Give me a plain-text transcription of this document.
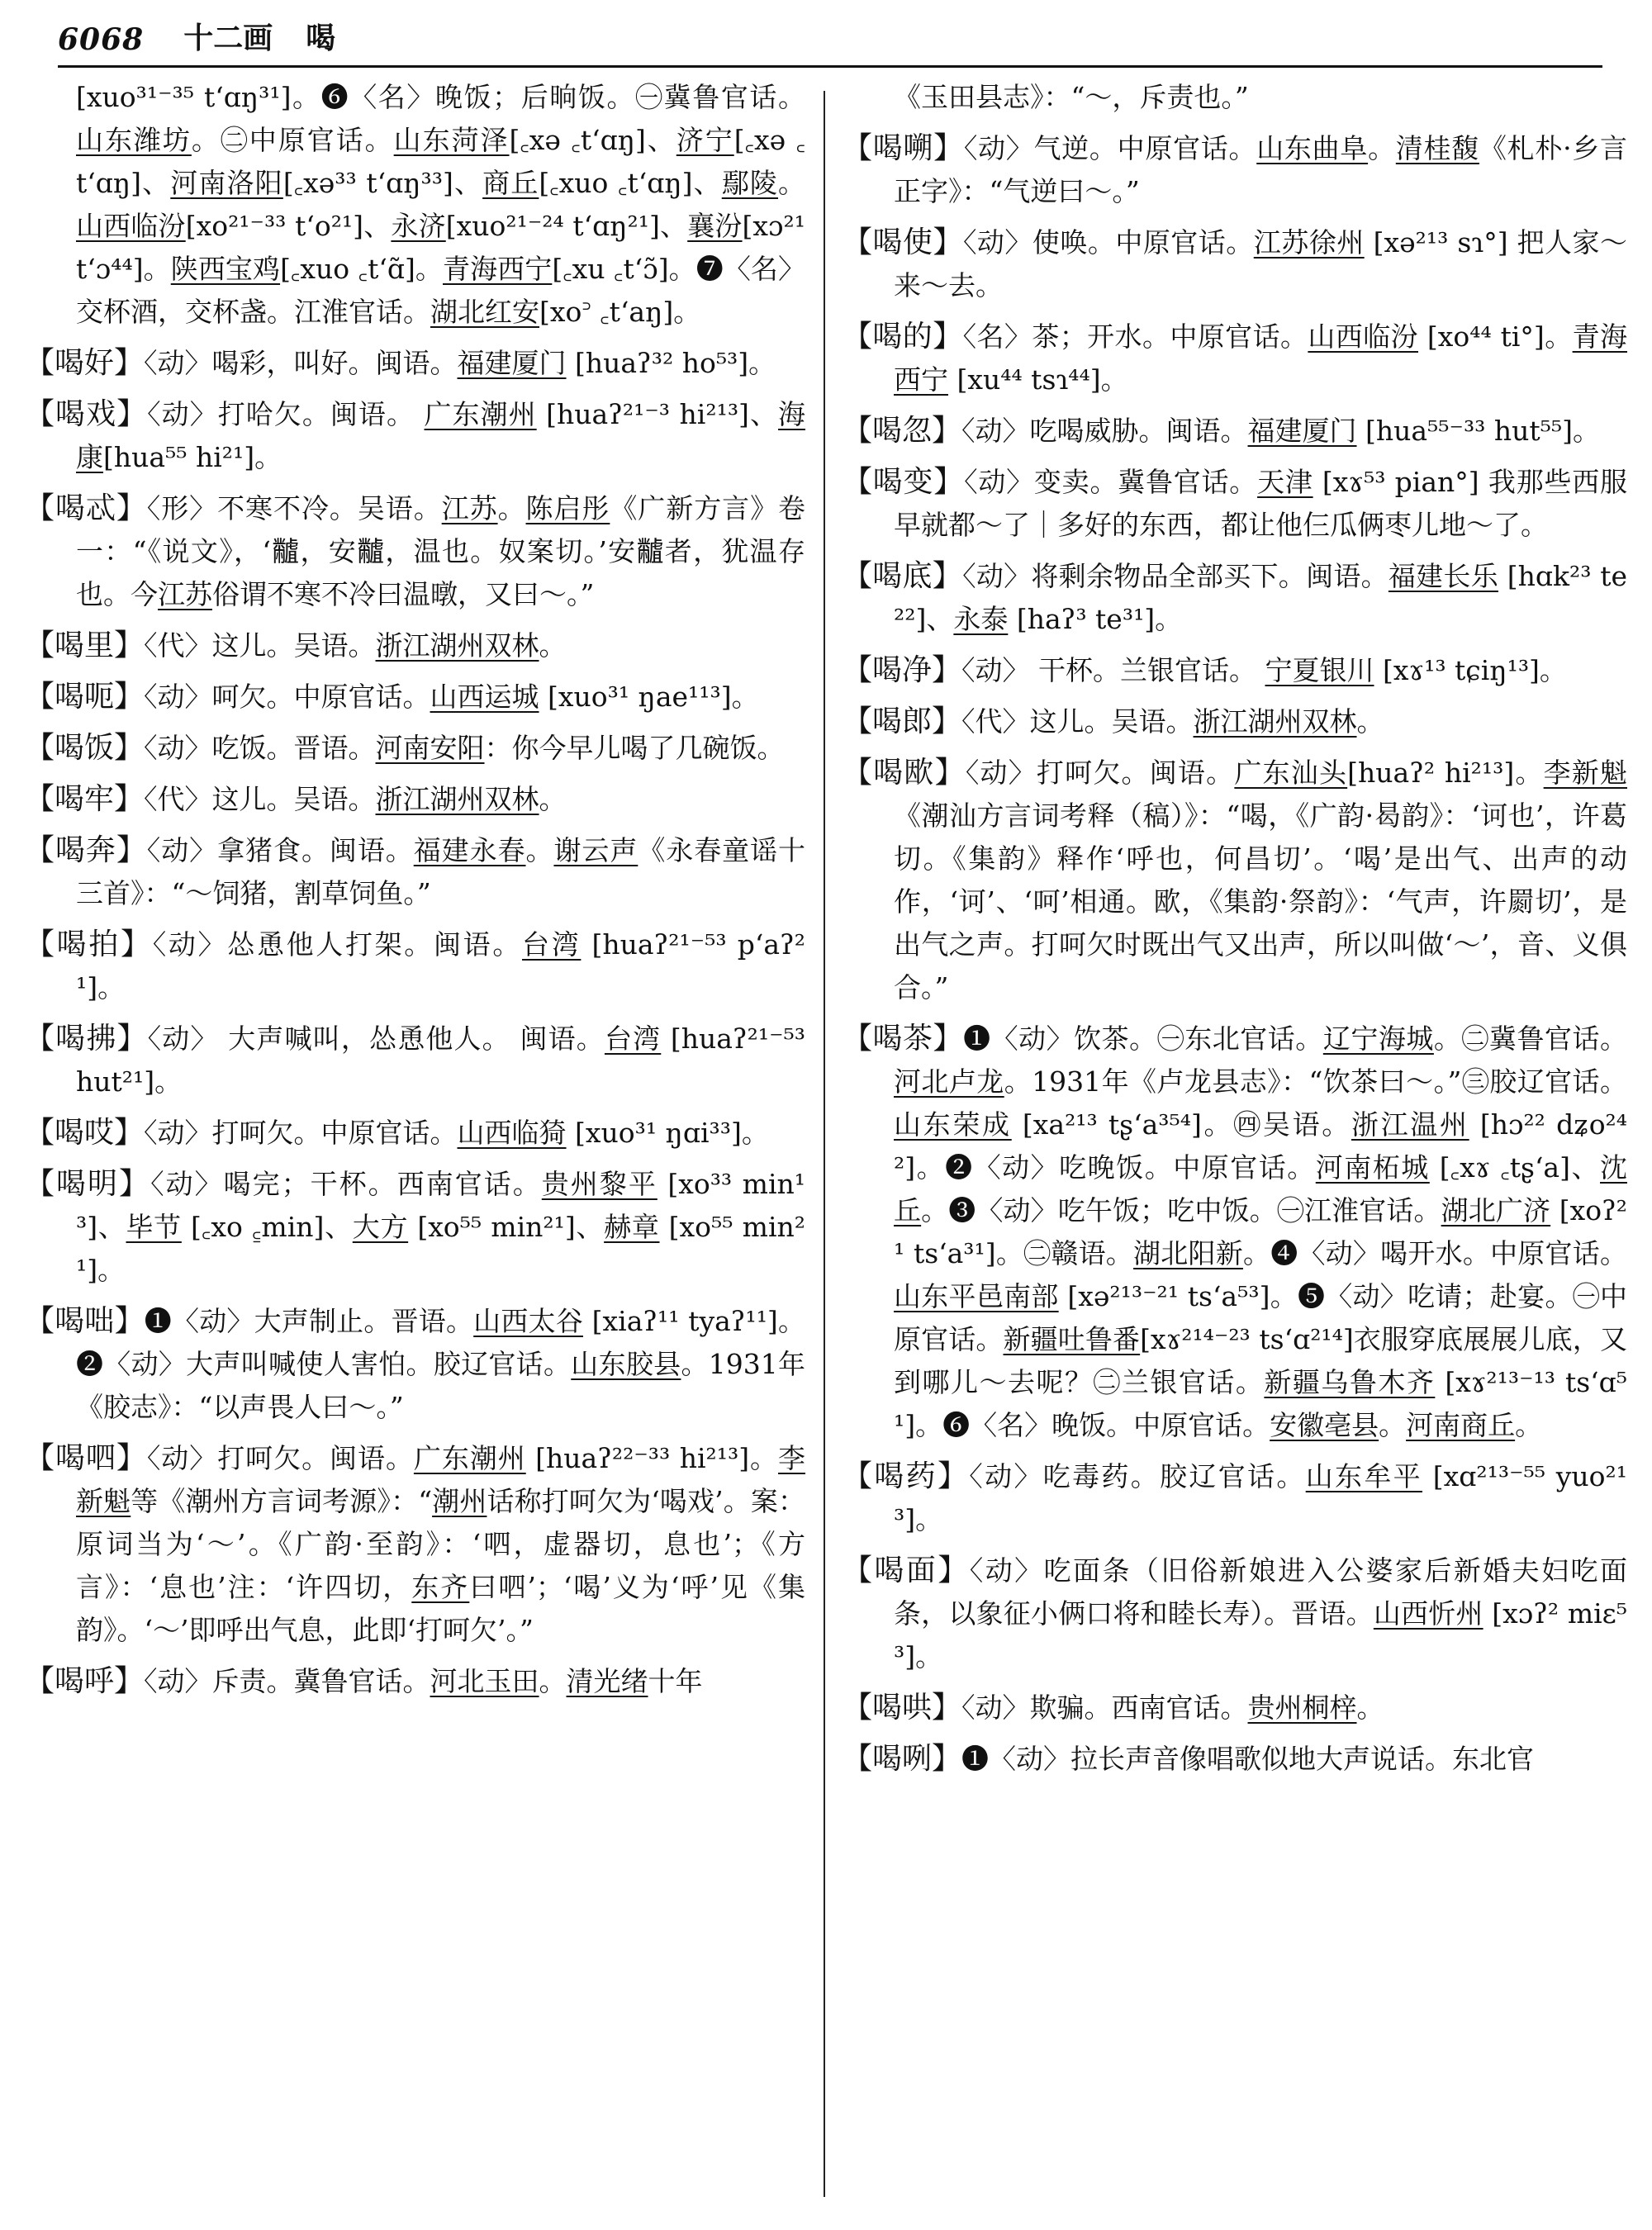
6068 十二画 喝

[xuo³¹⁻³⁵ t‘ɑŋ³¹]。❻〈名〉晚饭；后晌饭。㊀冀鲁官话。山东潍坊。㊁中原官话。山东菏泽[꜀xə ꜀t‘ɑŋ]、济宁[꜀xə ꜀t‘ɑŋ]、河南洛阳[꜀xə³³ t‘ɑŋ³³]、商丘[꜀xuo ꜀t‘ɑŋ]、鄢陵。山西临汾[xo²¹⁻³³ t‘o²¹]、永济[xuo²¹⁻²⁴ t‘ɑŋ²¹]、襄汾[xɔ²¹ t‘ɔ⁴⁴]。陕西宝鸡[꜀xuo ꜀t‘ɑ̃]。青海西宁[꜀xu ꜀t‘ɔ̃]。❼〈名〉交杯酒，交杯盏。江淮官话。湖北红安[xo꜄ ꜀t‘aŋ]。

【喝好】〈动〉喝彩，叫好。闽语。福建厦门 [huaʔ³² ho⁵³]。

【喝戏】〈动〉打哈欠。闽语。 广东潮州 [huaʔ²¹⁻³ hi²¹³]、海康[hua⁵⁵ hi²¹]。

【喝忒】〈形〉不寒不冷。吴语。江苏。陈启彤《广新方言》卷一：“《说文》，‘𪓐，安𪓐，温也。奴案切。’安𪓐者，犹温存也。今江苏俗谓不寒不冷曰温暾，又曰～。”

【喝里】〈代〉这儿。吴语。浙江湖州双林。

【喝呃】〈动〉呵欠。中原官话。山西运城 [xuo³¹ ŋae¹¹³]。

【喝饭】〈动〉吃饭。晋语。河南安阳：你今早儿喝了几碗饭。

【喝牢】〈代〉这儿。吴语。浙江湖州双林。

【喝奔】〈动〉拿猪食。闽语。福建永春。谢云声《永春童谣十三首》：“～饲猪，割草饲鱼。”

【喝拍】〈动〉怂恿他人打架。闽语。台湾 [huaʔ²¹⁻⁵³ p‘aʔ²¹]。

【喝拂】〈动〉 大声喊叫，怂恿他人。 闽语。台湾 [huaʔ²¹⁻⁵³ hut²¹]。

【喝哎】〈动〉打呵欠。中原官话。山西临猗 [xuo³¹ ŋɑi³³]。

【喝明】〈动〉喝完；干杯。西南官话。贵州黎平 [xo³³ min¹³]、毕节 [꜀xo ꜁min]、大方 [xo⁵⁵ min²¹]、赫章 [xo⁵⁵ min²¹]。

【喝咄】❶〈动〉大声制止。晋语。山西太谷 [xiaʔ¹¹ tyaʔ¹¹]。❷〈动〉大声叫喊使人害怕。胶辽官话。山东胶县。1931年《胶志》：“以声畏人曰～。”

【喝呬】〈动〉打呵欠。闽语。广东潮州 [huaʔ²²⁻³³ hi²¹³]。李新魁等《潮州方言词考源》：“潮州话称打呵欠为‘喝戏’。案：原词当为‘～’。《广韵·至韵》：‘呬，虚器切，息也’；《方言》：‘息也’注：‘许四切，东齐曰呬’；‘喝’义为‘呼’见《集韵》。‘～’即呼出气息，此即‘打呵欠’。”

【喝呼】〈动〉斥责。冀鲁官话。河北玉田。清光绪十年

《玉田县志》：“～，斥责也。”

【喝嗍】〈动〉气逆。中原官话。山东曲阜。清桂馥《札朴·乡言正字》：“气逆曰～。”

【喝使】〈动〉使唤。中原官话。江苏徐州 [xə²¹³ sɿ°] 把人家～来～去。

【喝的】〈名〉茶；开水。中原官话。山西临汾 [xo⁴⁴ ti°]。青海西宁 [xu⁴⁴ tsɿ⁴⁴]。

【喝忽】〈动〉吃喝威胁。闽语。福建厦门 [hua⁵⁵⁻³³ hut⁵⁵]。

【喝变】〈动〉变卖。冀鲁官话。天津 [xɤ⁵³ pian°] 我那些西服早就都～了｜多好的东西，都让他仨瓜俩枣儿地～了。

【喝底】〈动〉将剩余物品全部买下。闽语。福建长乐 [hɑk²³ te²²]、永泰 [haʔ³ te³¹]。

【喝净】〈动〉 干杯。兰银官话。 宁夏银川 [xɤ¹³ tɕiŋ¹³]。

【喝郎】〈代〉这儿。吴语。浙江湖州双林。

【喝欭】〈动〉打呵欠。闽语。广东汕头[huaʔ² hi²¹³]。李新魁《潮汕方言词考释（稿）》：“喝，《广韵·曷韵》：‘诃也’，许葛切。《集韵》释作‘呼也，何昌切’。‘喝’是出气、出声的动作，‘诃’、‘呵’相通。欭，《集韵·祭韵》：‘气声，许罽切’，是出气之声。打呵欠时既出气又出声，所以叫做‘～’，音、义俱合。”

【喝茶】❶〈动〉饮茶。㊀东北官话。辽宁海城。㊁冀鲁官话。河北卢龙。1931年《卢龙县志》：“饮茶曰～。”㊂胶辽官话。山东荣成 [xa²¹³ tʂ‘a³⁵⁴]。㊃吴语。浙江温州 [hɔ²² dʑo²⁴²]。❷〈动〉吃晚饭。中原官话。河南柘城 [꜀xɤ ꜀tʂ‘a]、沈丘。❸〈动〉吃午饭；吃中饭。㊀江淮官话。湖北广济 [xoʔ²¹ ts‘a³¹]。㊁赣语。湖北阳新。❹〈动〉喝开水。中原官话。山东平邑南部 [xə²¹³⁻²¹ ts‘a⁵³]。❺〈动〉吃请；赴宴。㊀中原官话。新疆吐鲁番[xɤ²¹⁴⁻²³ ts‘ɑ²¹⁴]衣服穿底展展儿底，又到哪儿～去呢？㊁兰银官话。新疆乌鲁木齐 [xɤ²¹³⁻¹³ ts‘ɑ⁵¹]。❻〈名〉晚饭。中原官话。安徽亳县。河南商丘。

【喝药】〈动〉吃毒药。胶辽官话。山东牟平 [xɑ²¹³⁻⁵⁵ yuo²¹³]。

【喝面】〈动〉吃面条（旧俗新娘进入公婆家后新婚夫妇吃面条，以象征小俩口将和睦长寿）。晋语。山西忻州 [xɔʔ² miɛ⁵³]。

【喝哄】〈动〉欺骗。西南官话。贵州桐梓。

【喝咧】❶〈动〉拉长声音像唱歌似地大声说话。东北官
